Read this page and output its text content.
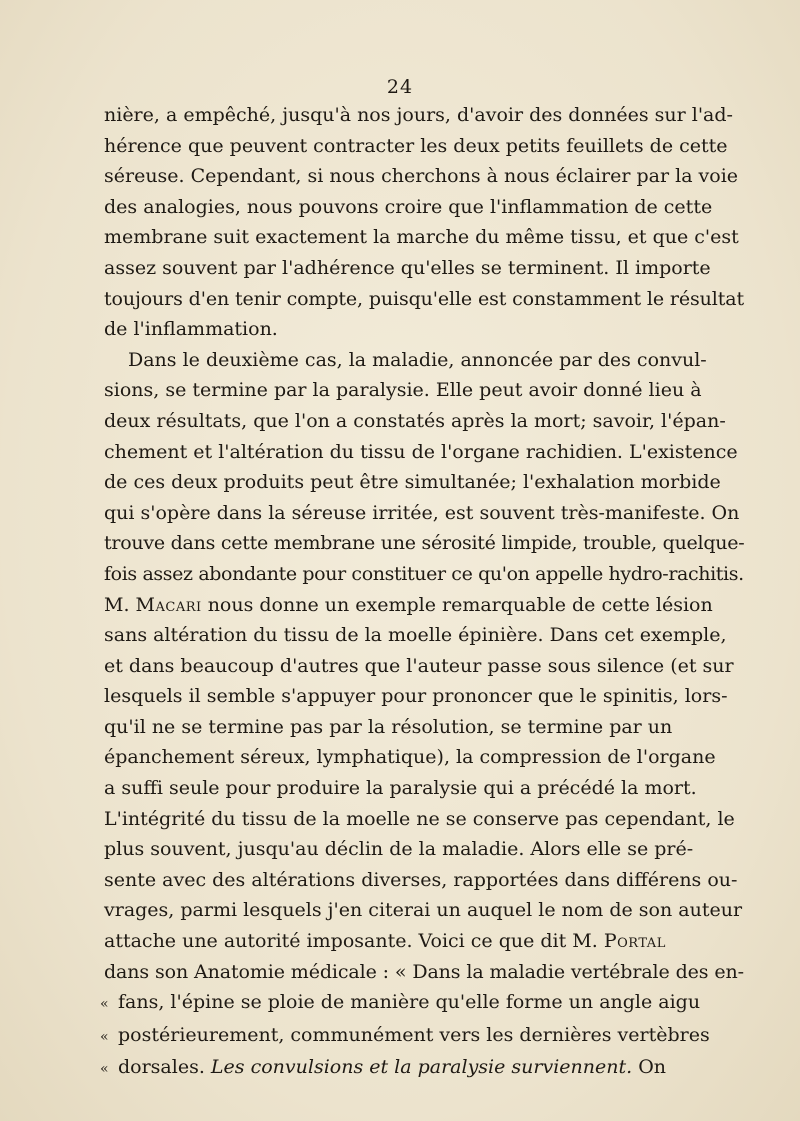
24
nière, a empêché, jusqu'à nos jours, d'avoir des données sur l'ad-
hérence que peuvent contracter les deux petits feuillets de cette
séreuse. Cependant, si nous cherchons à nous éclairer par la voie
des analogies, nous pouvons croire que l'inflammation de cette
membrane suit exactement la marche du même tissu, et que c'est
assez souvent par l'adhérence qu'elles se terminent. Il importe
toujours d'en tenir compte, puisqu'elle est constamment le résultat
de l'inflammation.
Dans le deuxième cas, la maladie, annoncée par des convul-
sions, se termine par la paralysie. Elle peut avoir donné lieu à
deux résultats, que l'on a constatés après la mort; savoir, l'épan-
chement et l'altération du tissu de l'organe rachidien. L'existence
de ces deux produits peut être simultanée; l'exhalation morbide
qui s'opère dans la séreuse irritée, est souvent très-manifeste. On
trouve dans cette membrane une sérosité limpide, trouble, quelque-
fois assez abondante pour constituer ce qu'on appelle hydro-rachitis.
M. Macari nous donne un exemple remarquable de cette lésion
sans altération du tissu de la moelle épinière. Dans cet exemple,
et dans beaucoup d'autres que l'auteur passe sous silence (et sur
lesquels il semble s'appuyer pour prononcer que le spinitis, lors-
qu'il ne se termine pas par la résolution, se termine par un
épanchement séreux, lymphatique), la compression de l'organe
a suffi seule pour produire la paralysie qui a précédé la mort.
L'intégrité du tissu de la moelle ne se conserve pas cependant, le
plus souvent, jusqu'au déclin de la maladie. Alors elle se pré-
sente avec des altérations diverses, rapportées dans différens ou-
vrages, parmi lesquels j'en citerai un auquel le nom de son auteur
attache une autorité imposante. Voici ce que dit M. Portal
dans son Anatomie médicale : « Dans la maladie vertébrale des en-
« fans, l'épine se ploie de manière qu'elle forme un angle aigu
« postérieurement, communément vers les dernières vertèbres
« dorsales. Les convulsions et la paralysie surviennent. On
